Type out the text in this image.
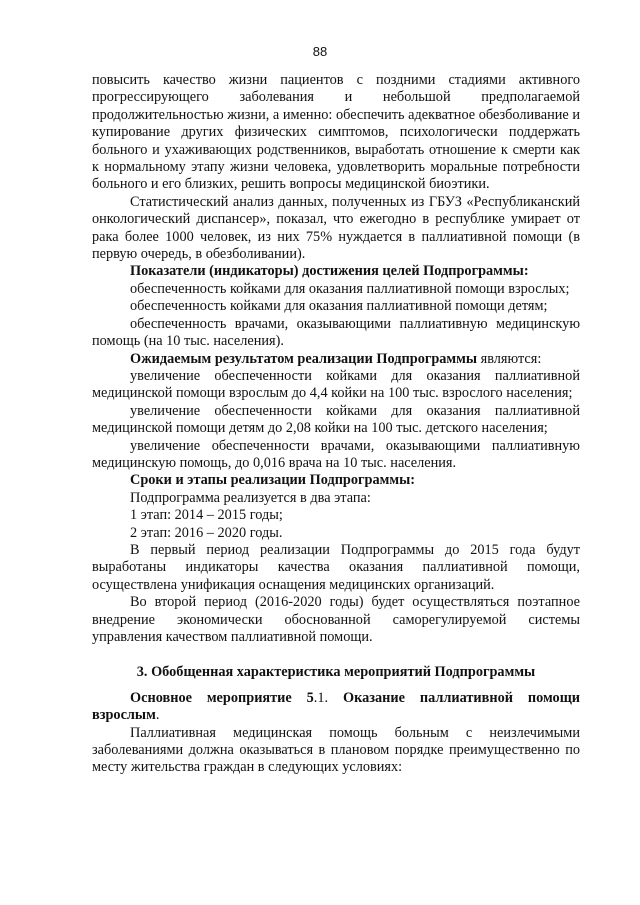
88

повысить качество жизни пациентов с поздними стадиями активного прогрессирующего заболевания и небольшой предполагаемой продолжительностью жизни, а именно: обеспечить адекватное обезболивание и купирование других физических симптомов, психологически поддержать больного и ухаживающих родственников, выработать отношение к смерти как к нормальному этапу жизни человека, удовлетворить моральные потребности больного и его близких, решить вопросы медицинской биоэтики.

Статистический анализ данных, полученных из ГБУЗ «Республиканский онкологический диспансер», показал, что ежегодно в республике умирает от рака более 1000 человек, из них 75% нуждается в паллиативной помощи (в первую очередь, в обезболивании).

Показатели (индикаторы) достижения целей Подпрограммы:

обеспеченность койками для оказания паллиативной помощи взрослых;

обеспеченность койками для оказания паллиативной помощи детям;

обеспеченность врачами, оказывающими паллиативную медицинскую помощь (на 10 тыс. населения).

Ожидаемым результатом реализации Подпрограммы являются:

увеличение обеспеченности койками для оказания паллиативной медицинской помощи взрослым до 4,4 койки на 100 тыс. взрослого населения;

увеличение обеспеченности койками для оказания паллиативной медицинской помощи детям до 2,08 койки на 100 тыс. детского населения;

увеличение обеспеченности врачами, оказывающими паллиативную медицинскую помощь, до 0,016 врача на 10 тыс. населения.

Сроки и этапы реализации Подпрограммы:

Подпрограмма реализуется в два этапа:

1 этап: 2014 – 2015 годы;

2 этап: 2016 – 2020 годы.

В первый период реализации Подпрограммы до 2015 года будут выработаны индикаторы качества оказания паллиативной помощи, осуществлена унификация оснащения медицинских организаций.

Во второй период (2016-2020 годы) будет осуществляться поэтапное внедрение экономически обоснованной саморегулируемой системы управления качеством паллиативной помощи.

3. Обобщенная характеристика мероприятий Подпрограммы

Основное мероприятие 5.1. Оказание паллиативной помощи взрослым.

Паллиативная медицинская помощь больным с неизлечимыми заболеваниями должна оказываться в плановом порядке преимущественно по месту жительства граждан в следующих условиях:
